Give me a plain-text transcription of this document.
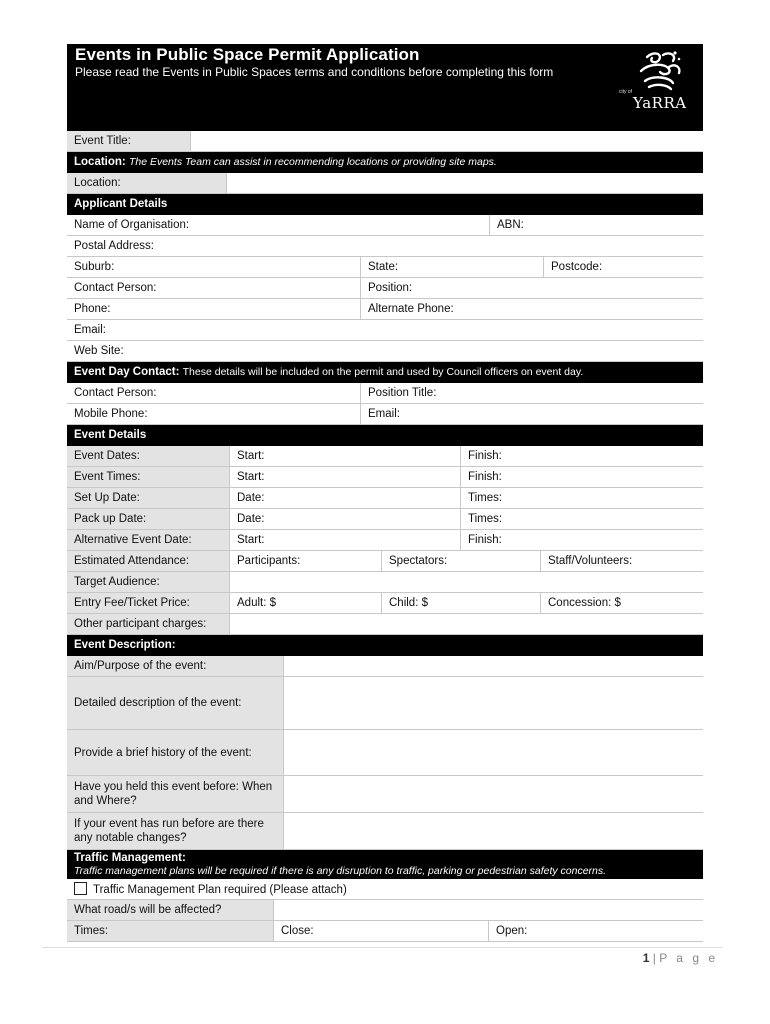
Events in Public Space Permit Application
Please read the Events in Public Spaces terms and conditions before completing this form
city of
YaRRA
Event Title:
Location: The Events Team can assist in recommending locations or providing site maps.
Location:
Applicant Details
Name of Organisation:	ABN:
Postal Address:
Suburb:	State:	Postcode:
Contact Person:	Position:
Phone:	Alternate Phone:
Email:
Web Site:
Event Day Contact: These details will be included on the permit and used by Council officers on event day.
Contact Person:	Position Title:
Mobile Phone:	Email:
Event Details
Event Dates:	Start:	Finish:
Event Times:	Start:	Finish:
Set Up Date:	Date:	Times:
Pack up Date:	Date:	Times:
Alternative Event Date:	Start:	Finish:
Estimated Attendance:	Participants:	Spectators:	Staff/Volunteers:
Target Audience:
Entry Fee/Ticket Price:	Adult: $	Child: $	Concession: $
Other participant charges:
Event Description:
Aim/Purpose of the event:
Detailed description of the event:
Provide a brief history of the event:
Have you held this event before: When and Where?
If your event has run before are there any notable changes?
Traffic Management:
Traffic management plans will be required if there is any disruption to traffic, parking or pedestrian safety concerns.
Traffic Management Plan required (Please attach)
What road/s will be affected?
Times:	Close:	Open:
1 | P a g e
